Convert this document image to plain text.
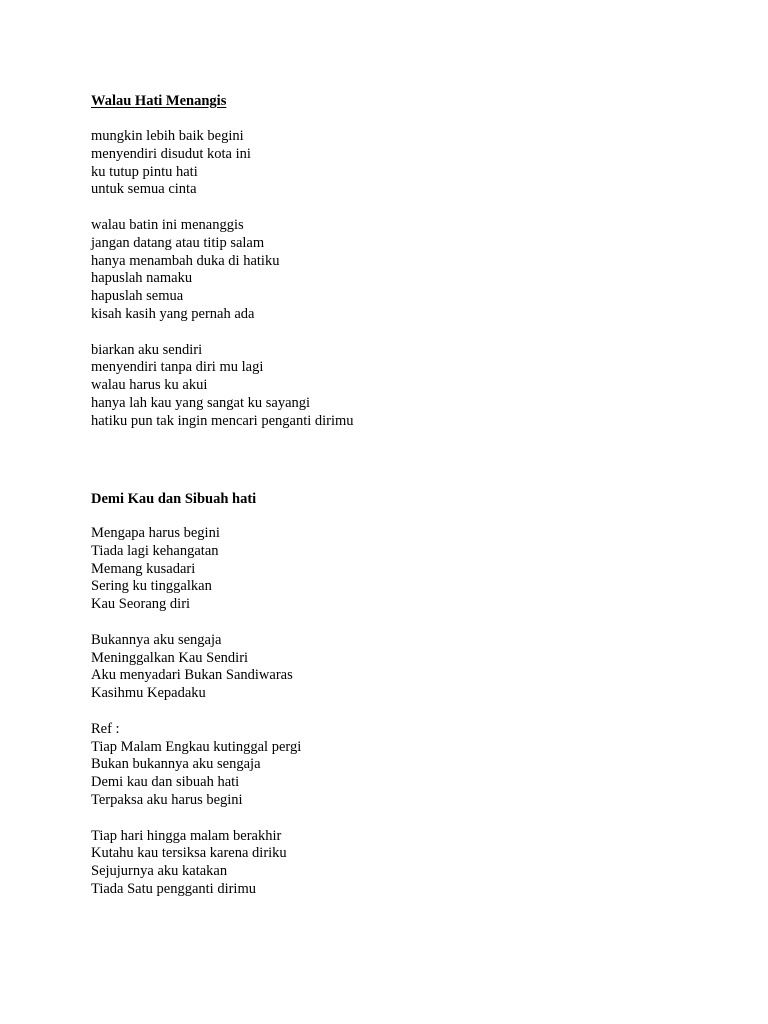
Walau Hati Menangis
mungkin lebih baik begini
menyendiri disudut kota ini
ku tutup pintu hati
untuk semua cinta
walau batin ini menanggis
jangan datang atau titip salam
hanya menambah duka di hatiku
hapuslah namaku
hapuslah semua
kisah kasih yang pernah ada
biarkan aku sendiri
menyendiri tanpa diri mu lagi
walau harus ku akui
hanya lah kau yang sangat ku sayangi
hatiku pun tak ingin mencari penganti dirimu
Demi Kau dan Sibuah hati
Mengapa harus begini
Tiada lagi kehangatan
Memang kusadari
Sering ku tinggalkan
Kau Seorang diri
Bukannya aku sengaja
Meninggalkan Kau Sendiri
Aku menyadari Bukan Sandiwaras
Kasihmu Kepadaku
Ref :
Tiap Malam Engkau kutinggal pergi
Bukan bukannya aku sengaja
Demi kau dan sibuah hati
Terpaksa aku harus begini
Tiap hari hingga malam berakhir
Kutahu kau tersiksa karena diriku
Sejujurnya aku katakan
Tiada Satu pengganti dirimu
